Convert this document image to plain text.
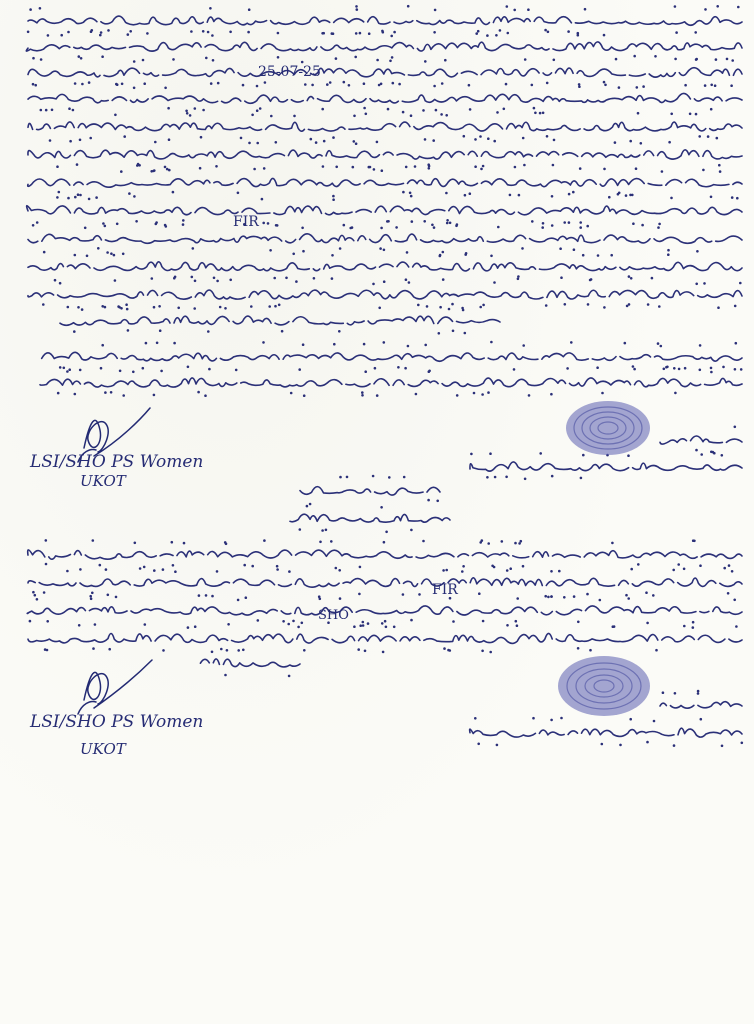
LSI/SHO PS Women
UKOT
LSI/SHO PS Women
UKOT
25-07-25
FIR
FIR
SHO
